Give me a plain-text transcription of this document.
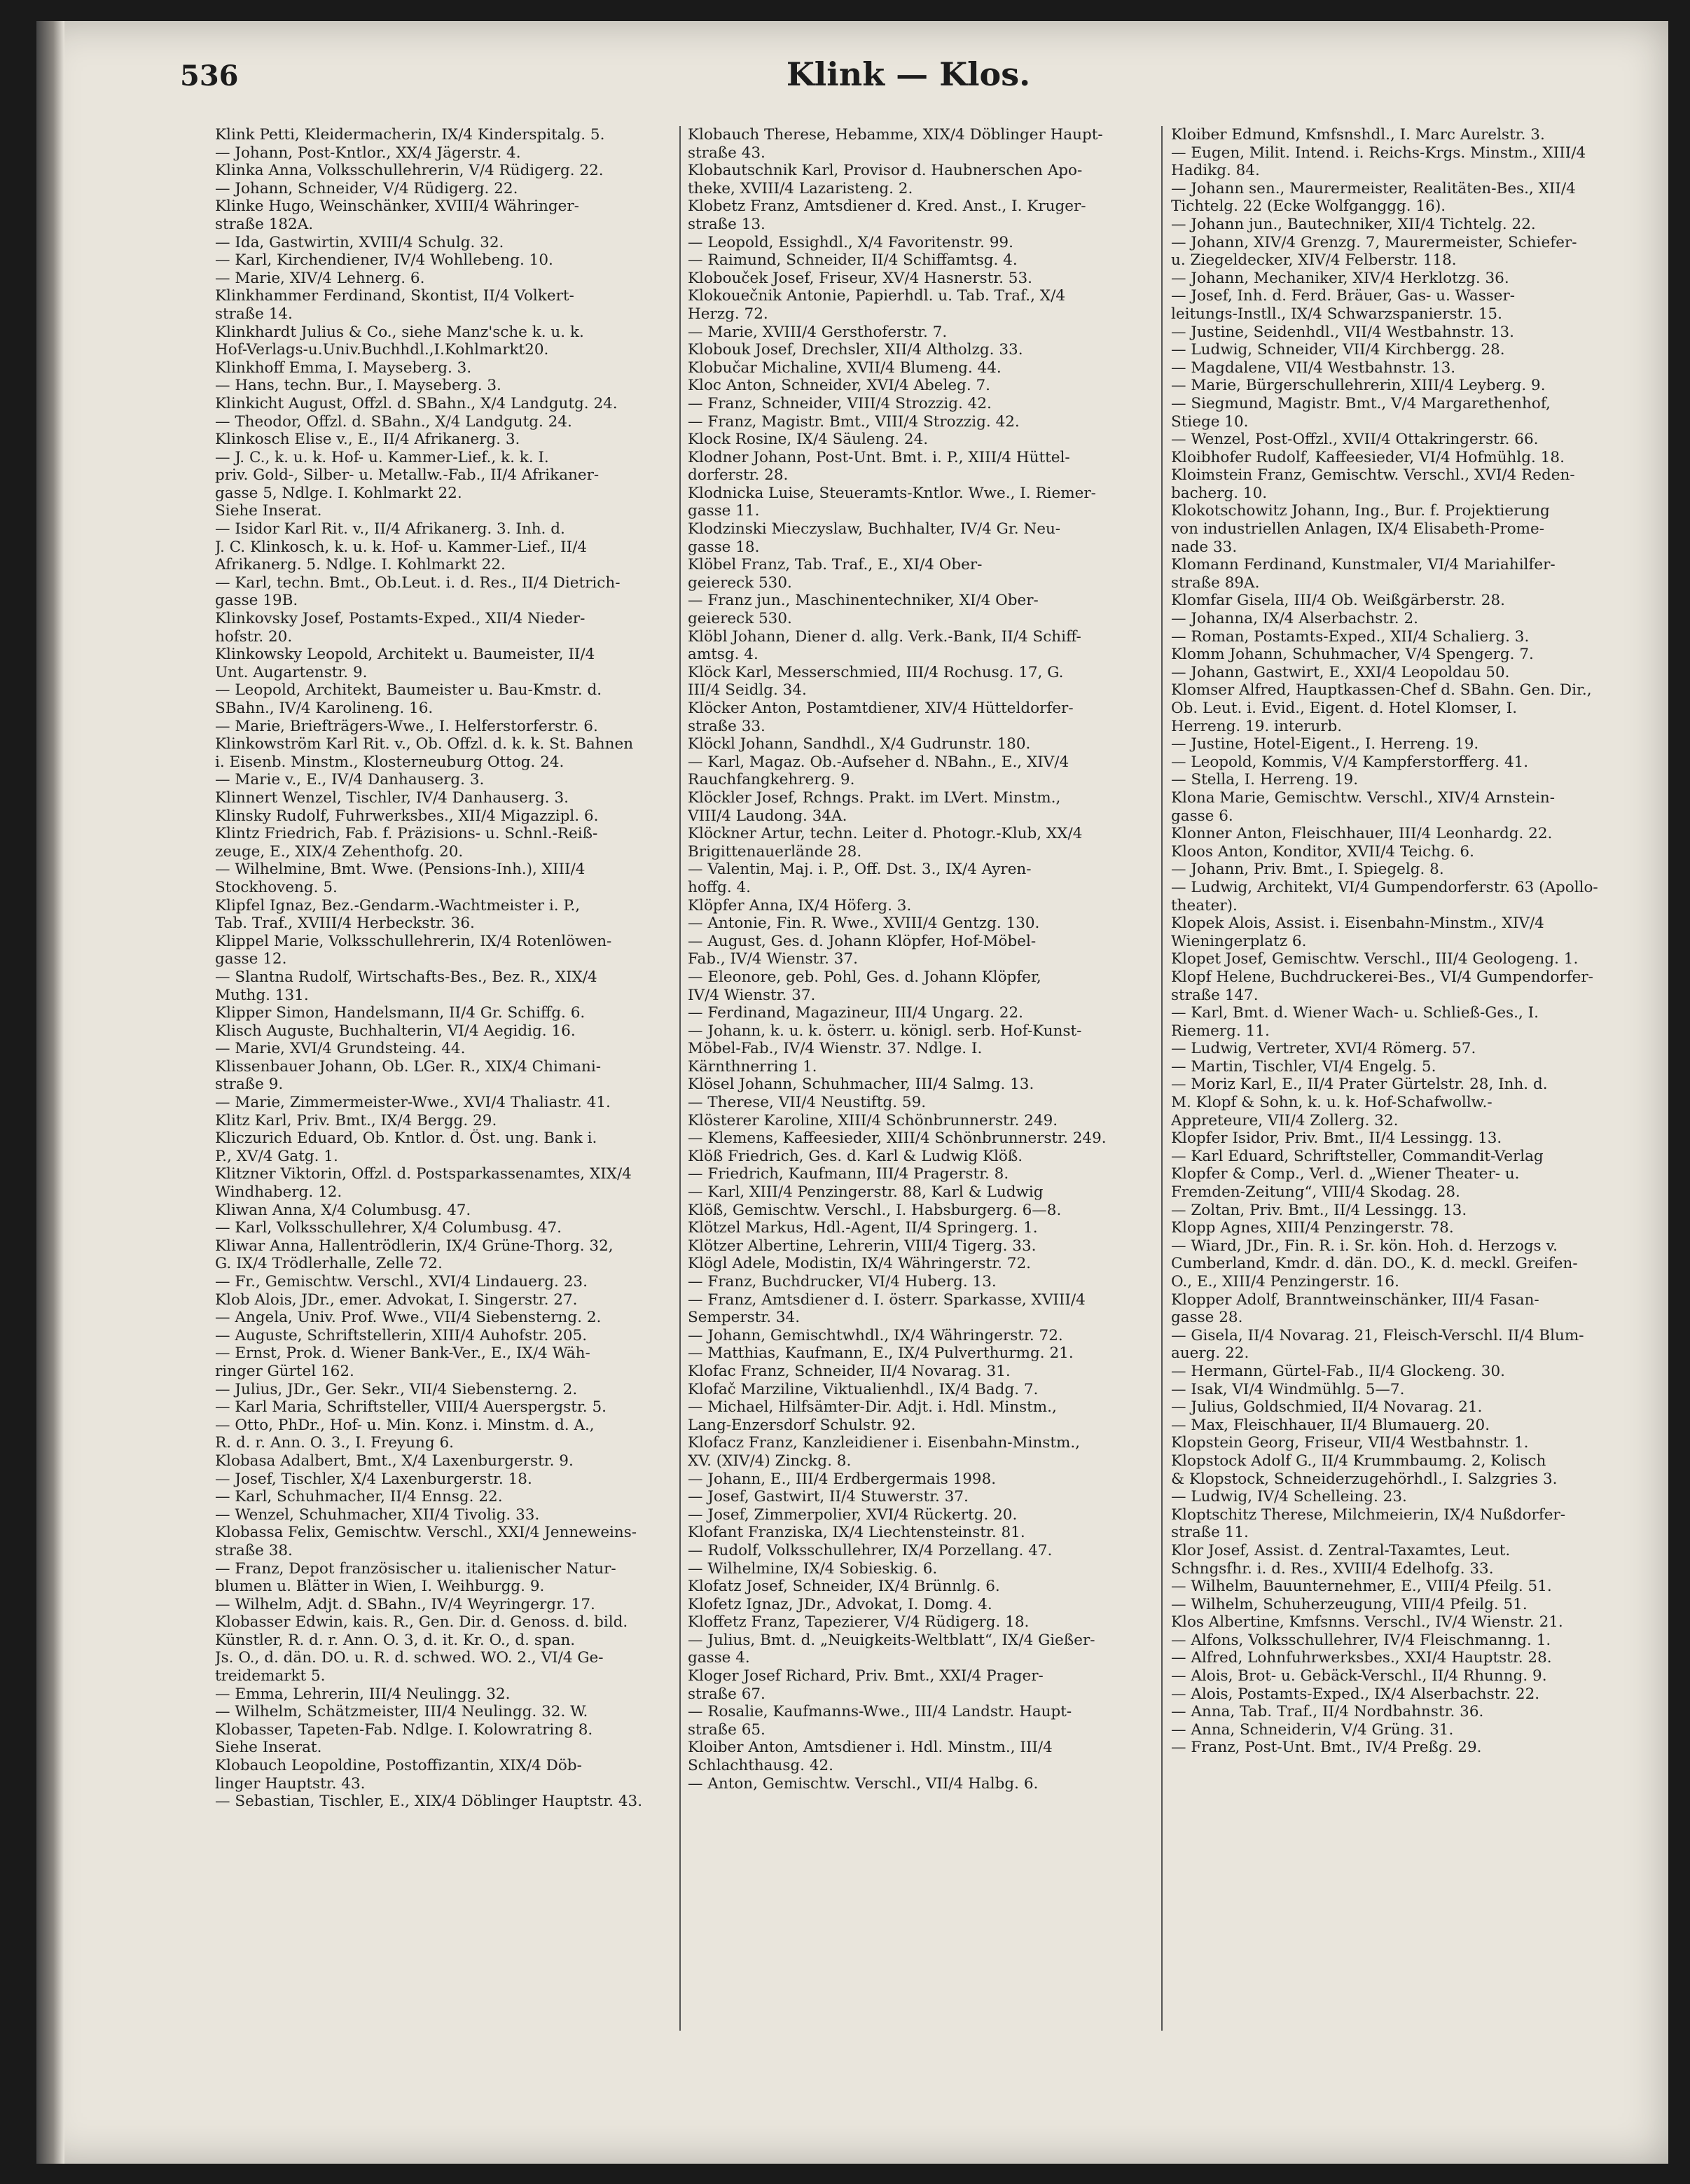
536	Klink — Klos.
Klink Petti, Kleidermacherin, IX/4 Kinderspitalg. 5.
— Johann, Post-Kntlor., XX/4 Jägerstr. 4.
Klinka Anna, Volksschullehrerin, V/4 Rüdigerg. 22.
— Johann, Schneider, V/4 Rüdigerg. 22.
Klinke Hugo, Weinschänker, XVIII/4 Währinger-
straße 182A.
— Ida, Gastwirtin, XVIII/4 Schulg. 32.
— Karl, Kirchendiener, IV/4 Wohllebeng. 10.
— Marie, XIV/4 Lehnerg. 6.
Klinkhammer Ferdinand, Skontist, II/4 Volkert-
straße 14.
Klinkhardt Julius & Co., siehe Manz'sche k. u. k.
Hof-Verlags-u.Univ.Buchhdl.,I.Kohlmarkt20.
Klinkhoff Emma, I. Mayseberg. 3.
— Hans, techn. Bur., I. Mayseberg. 3.
Klinkicht August, Offzl. d. SBahn., X/4 Landgutg. 24.
— Theodor, Offzl. d. SBahn., X/4 Landgutg. 24.
Klinkosch Elise v., E., II/4 Afrikanerg. 3.
— J. C., k. u. k. Hof- u. Kammer-Lief., k. k. I.
priv. Gold-, Silber- u. Metallw.-Fab., II/4 Afrikaner-
gasse 5, Ndlge. I. Kohlmarkt 22.
Siehe Inserat.
— Isidor Karl Rit. v., II/4 Afrikanerg. 3. Inh. d.
J. C. Klinkosch, k. u. k. Hof- u. Kammer-Lief., II/4
Afrikanerg. 5. Ndlge. I. Kohlmarkt 22.
— Karl, techn. Bmt., Ob.Leut. i. d. Res., II/4 Dietrich-
gasse 19B.
Klinkovsky Josef, Postamts-Exped., XII/4 Nieder-
hofstr. 20.
Klinkowsky Leopold, Architekt u. Baumeister, II/4
Unt. Augartenstr. 9.
— Leopold, Architekt, Baumeister u. Bau-Kmstr. d.
SBahn., IV/4 Karolineng. 16.
— Marie, Briefträgers-Wwe., I. Helferstorferstr. 6.
Klinkowström Karl Rit. v., Ob. Offzl. d. k. k. St. Bahnen
i. Eisenb. Minstm., Klosterneuburg Ottog. 24.
— Marie v., E., IV/4 Danhauserg. 3.
Klinnert Wenzel, Tischler, IV/4 Danhauserg. 3.
Klinsky Rudolf, Fuhrwerksbes., XII/4 Migazzipl. 6.
Klintz Friedrich, Fab. f. Präzisions- u. Schnl.-Reiß-
zeuge, E., XIX/4 Zehenthofg. 20.
— Wilhelmine, Bmt. Wwe. (Pensions-Inh.), XIII/4
Stockhoveng. 5.
Klipfel Ignaz, Bez.-Gendarm.-Wachtmeister i. P.,
Tab. Traf., XVIII/4 Herbeckstr. 36.
Klippel Marie, Volksschullehrerin, IX/4 Rotenlöwen-
gasse 12.
— Slantna Rudolf, Wirtschafts-Bes., Bez. R., XIX/4
Muthg. 131.
Klipper Simon, Handelsmann, II/4 Gr. Schiffg. 6.
Klisch Auguste, Buchhalterin, VI/4 Aegidig. 16.
— Marie, XVI/4 Grundsteing. 44.
Klissenbauer Johann, Ob. LGer. R., XIX/4 Chimani-
straße 9.
— Marie, Zimmermeister-Wwe., XVI/4 Thaliastr. 41.
Klitz Karl, Priv. Bmt., IX/4 Bergg. 29.
Kliczurich Eduard, Ob. Kntlor. d. Öst. ung. Bank i.
P., XV/4 Gatg. 1.
Klitzner Viktorin, Offzl. d. Postsparkassenamtes, XIX/4
Windhaberg. 12.
Kliwan Anna, X/4 Columbusg. 47.
— Karl, Volksschullehrer, X/4 Columbusg. 47.
Kliwar Anna, Hallentrödlerin, IX/4 Grüne-Thorg. 32,
G. IX/4 Trödlerhalle, Zelle 72.
— Fr., Gemischtw. Verschl., XVI/4 Lindauerg. 23.
Klob Alois, JDr., emer. Advokat, I. Singerstr. 27.
— Angela, Univ. Prof. Wwe., VII/4 Siebensterng. 2.
— Auguste, Schriftstellerin, XIII/4 Auhofstr. 205.
— Ernst, Prok. d. Wiener Bank-Ver., E., IX/4 Wäh-
ringer Gürtel 162.
— Julius, JDr., Ger. Sekr., VII/4 Siebensterng. 2.
— Karl Maria, Schriftsteller, VIII/4 Auerspergstr. 5.
— Otto, PhDr., Hof- u. Min. Konz. i. Minstm. d. A.,
R. d. r. Ann. O. 3., I. Freyung 6.
Klobasa Adalbert, Bmt., X/4 Laxenburgerstr. 9.
— Josef, Tischler, X/4 Laxenburgerstr. 18.
— Karl, Schuhmacher, II/4 Ennsg. 22.
— Wenzel, Schuhmacher, XII/4 Tivolig. 33.
Klobassa Felix, Gemischtw. Verschl., XXI/4 Jenneweins-
straße 38.
— Franz, Depot französischer u. italienischer Natur-
blumen u. Blätter in Wien, I. Weihburgg. 9.
— Wilhelm, Adjt. d. SBahn., IV/4 Weyringergr. 17.
Klobasser Edwin, kais. R., Gen. Dir. d. Genoss. d. bild.
Künstler, R. d. r. Ann. O. 3, d. it. Kr. O., d. span.
Js. O., d. dän. DO. u. R. d. schwed. WO. 2., VI/4 Ge-
treidemarkt 5.
— Emma, Lehrerin, III/4 Neulingg. 32.
— Wilhelm, Schätzmeister, III/4 Neulingg. 32. W.
Klobasser, Tapeten-Fab. Ndlge. I. Kolowratring 8.
Siehe Inserat.
Klobauch Leopoldine, Postoffizantin, XIX/4 Döb-
linger Hauptstr. 43.
— Sebastian, Tischler, E., XIX/4 Döblinger Hauptstr. 43.
Klobauch Therese, Hebamme, XIX/4 Döblinger Haupt-
straße 43.
Klobautschnik Karl, Provisor d. Haubnerschen Apo-
theke, XVIII/4 Lazaristeng. 2.
Klobetz Franz, Amtsdiener d. Kred. Anst., I. Kruger-
straße 13.
— Leopold, Essighdl., X/4 Favoritenstr. 99.
— Raimund, Schneider, II/4 Schiffamtsg. 4.
Klobouček Josef, Friseur, XV/4 Hasnerstr. 53.
Klokouečnik Antonie, Papierhdl. u. Tab. Traf., X/4
Herzg. 72.
— Marie, XVIII/4 Gersthoferstr. 7.
Klobouk Josef, Drechsler, XII/4 Altholzg. 33.
Klobučar Michaline, XVII/4 Blumeng. 44.
Kloc Anton, Schneider, XVI/4 Abeleg. 7.
— Franz, Schneider, VIII/4 Strozzig. 42.
— Franz, Magistr. Bmt., VIII/4 Strozzig. 42.
Klock Rosine, IX/4 Säuleng. 24.
Klodner Johann, Post-Unt. Bmt. i. P., XIII/4 Hüttel-
dorferstr. 28.
Klodnicka Luise, Steueramts-Kntlor. Wwe., I. Riemer-
gasse 11.
Klodzinski Mieczyslaw, Buchhalter, IV/4 Gr. Neu-
gasse 18.
Klöbel Franz, Tab. Traf., E., XI/4 Ober-
geiereck 530.
— Franz jun., Maschinentechniker, XI/4 Ober-
geiereck 530.
Klöbl Johann, Diener d. allg. Verk.-Bank, II/4 Schiff-
amtsg. 4.
Klöck Karl, Messerschmied, III/4 Rochusg. 17, G.
III/4 Seidlg. 34.
Klöcker Anton, Postamtdiener, XIV/4 Hütteldorfer-
straße 33.
Klöckl Johann, Sandhdl., X/4 Gudrunstr. 180.
— Karl, Magaz. Ob.-Aufseher d. NBahn., E., XIV/4
Rauchfangkehrerg. 9.
Klöckler Josef, Rchngs. Prakt. im LVert. Minstm.,
VIII/4 Laudong. 34A.
Klöckner Artur, techn. Leiter d. Photogr.-Klub, XX/4
Brigittenauerlände 28.
— Valentin, Maj. i. P., Off. Dst. 3., IX/4 Ayren-
hoffg. 4.
Klöpfer Anna, IX/4 Höferg. 3.
— Antonie, Fin. R. Wwe., XVIII/4 Gentzg. 130.
— August, Ges. d. Johann Klöpfer, Hof-Möbel-
Fab., IV/4 Wienstr. 37.
— Eleonore, geb. Pohl, Ges. d. Johann Klöpfer,
IV/4 Wienstr. 37.
— Ferdinand, Magazineur, III/4 Ungarg. 22.
— Johann, k. u. k. österr. u. königl. serb. Hof-Kunst-
Möbel-Fab., IV/4 Wienstr. 37. Ndlge. I.
Kärnthnerring 1.
Klösel Johann, Schuhmacher, III/4 Salmg. 13.
— Therese, VII/4 Neustiftg. 59.
Klösterer Karoline, XIII/4 Schönbrunnerstr. 249.
— Klemens, Kaffeesieder, XIII/4 Schönbrunnerstr. 249.
Klöß Friedrich, Ges. d. Karl & Ludwig Klöß.
— Friedrich, Kaufmann, III/4 Pragerstr. 8.
— Karl, XIII/4 Penzingerstr. 88, Karl & Ludwig
Klöß, Gemischtw. Verschl., I. Habsburgerg. 6—8.
Klötzel Markus, Hdl.-Agent, II/4 Springerg. 1.
Klötzer Albertine, Lehrerin, VIII/4 Tigerg. 33.
Klögl Adele, Modistin, IX/4 Währingerstr. 72.
— Franz, Buchdrucker, VI/4 Huberg. 13.
— Franz, Amtsdiener d. I. österr. Sparkasse, XVIII/4
Semperstr. 34.
— Johann, Gemischtwhdl., IX/4 Währingerstr. 72.
— Matthias, Kaufmann, E., IX/4 Pulverthurmg. 21.
Klofac Franz, Schneider, II/4 Novarag. 31.
Klofač Marziline, Viktualienhdl., IX/4 Badg. 7.
— Michael, Hilfsämter-Dir. Adjt. i. Hdl. Minstm.,
Lang-Enzersdorf Schulstr. 92.
Klofacz Franz, Kanzleidiener i. Eisenbahn-Minstm.,
XV. (XIV/4) Zinckg. 8.
— Johann, E., III/4 Erdbergermais 1998.
— Josef, Gastwirt, II/4 Stuwerstr. 37.
— Josef, Zimmerpolier, XVI/4 Rückertg. 20.
Klofant Franziska, IX/4 Liechtensteinstr. 81.
— Rudolf, Volksschullehrer, IX/4 Porzellang. 47.
— Wilhelmine, IX/4 Sobieskig. 6.
Klofatz Josef, Schneider, IX/4 Brünnlg. 6.
Klofetz Ignaz, JDr., Advokat, I. Domg. 4.
Kloffetz Franz, Tapezierer, V/4 Rüdigerg. 18.
— Julius, Bmt. d. „Neuigkeits-Weltblatt“, IX/4 Gießer-
gasse 4.
Kloger Josef Richard, Priv. Bmt., XXI/4 Prager-
straße 67.
— Rosalie, Kaufmanns-Wwe., III/4 Landstr. Haupt-
straße 65.
Kloiber Anton, Amtsdiener i. Hdl. Minstm., III/4
Schlachthausg. 42.
— Anton, Gemischtw. Verschl., VII/4 Halbg. 6.
Kloiber Edmund, Kmfsnshdl., I. Marc Aurelstr. 3.
— Eugen, Milit. Intend. i. Reichs-Krgs. Minstm., XIII/4
Hadikg. 84.
— Johann sen., Maurermeister, Realitäten-Bes., XII/4
Tichtelg. 22 (Ecke Wolfganggg. 16).
— Johann jun., Bautechniker, XII/4 Tichtelg. 22.
— Johann, XIV/4 Grenzg. 7, Maurermeister, Schiefer-
u. Ziegeldecker, XIV/4 Felberstr. 118.
— Johann, Mechaniker, XIV/4 Herklotzg. 36.
— Josef, Inh. d. Ferd. Bräuer, Gas- u. Wasser-
leitungs-Instll., IX/4 Schwarzspanierstr. 15.
— Justine, Seidenhdl., VII/4 Westbahnstr. 13.
— Ludwig, Schneider, VII/4 Kirchbergg. 28.
— Magdalene, VII/4 Westbahnstr. 13.
— Marie, Bürgerschullehrerin, XIII/4 Leyberg. 9.
— Siegmund, Magistr. Bmt., V/4 Margarethenhof,
Stiege 10.
— Wenzel, Post-Offzl., XVII/4 Ottakringerstr. 66.
Kloibhofer Rudolf, Kaffeesieder, VI/4 Hofmühlg. 18.
Kloimstein Franz, Gemischtw. Verschl., XVI/4 Reden-
bacherg. 10.
Klokotschowitz Johann, Ing., Bur. f. Projektierung
von industriellen Anlagen, IX/4 Elisabeth-Prome-
nade 33.
Klomann Ferdinand, Kunstmaler, VI/4 Mariahilfer-
straße 89A.
Klomfar Gisela, III/4 Ob. Weißgärberstr. 28.
— Johanna, IX/4 Alserbachstr. 2.
— Roman, Postamts-Exped., XII/4 Schalierg. 3.
Klomm Johann, Schuhmacher, V/4 Spengerg. 7.
— Johann, Gastwirt, E., XXI/4 Leopoldau 50.
Klomser Alfred, Hauptkassen-Chef d. SBahn. Gen. Dir.,
Ob. Leut. i. Evid., Eigent. d. Hotel Klomser, I.
Herreng. 19. interurb.
— Justine, Hotel-Eigent., I. Herreng. 19.
— Leopold, Kommis, V/4 Kampferstorfferg. 41.
— Stella, I. Herreng. 19.
Klona Marie, Gemischtw. Verschl., XIV/4 Arnstein-
gasse 6.
Klonner Anton, Fleischhauer, III/4 Leonhardg. 22.
Kloos Anton, Konditor, XVII/4 Teichg. 6.
— Johann, Priv. Bmt., I. Spiegelg. 8.
— Ludwig, Architekt, VI/4 Gumpendorferstr. 63 (Apollo-
theater).
Klopek Alois, Assist. i. Eisenbahn-Minstm., XIV/4
Wieningerplatz 6.
Klopet Josef, Gemischtw. Verschl., III/4 Geologeng. 1.
Klopf Helene, Buchdruckerei-Bes., VI/4 Gumpendorfer-
straße 147.
— Karl, Bmt. d. Wiener Wach- u. Schließ-Ges., I.
Riemerg. 11.
— Ludwig, Vertreter, XVI/4 Römerg. 57.
— Martin, Tischler, VI/4 Engelg. 5.
— Moriz Karl, E., II/4 Prater Gürtelstr. 28, Inh. d.
M. Klopf & Sohn, k. u. k. Hof-Schafwollw.-
Appreteure, VII/4 Zollerg. 32.
Klopfer Isidor, Priv. Bmt., II/4 Lessingg. 13.
— Karl Eduard, Schriftsteller, Commandit-Verlag
Klopfer & Comp., Verl. d. „Wiener Theater- u.
Fremden-Zeitung“, VIII/4 Skodag. 28.
— Zoltan, Priv. Bmt., II/4 Lessingg. 13.
Klopp Agnes, XIII/4 Penzingerstr. 78.
— Wiard, JDr., Fin. R. i. Sr. kön. Hoh. d. Herzogs v.
Cumberland, Kmdr. d. dän. DO., K. d. meckl. Greifen-
O., E., XIII/4 Penzingerstr. 16.
Klopper Adolf, Branntweinschänker, III/4 Fasan-
gasse 28.
— Gisela, II/4 Novarag. 21, Fleisch-Verschl. II/4 Blum-
auerg. 22.
— Hermann, Gürtel-Fab., II/4 Glockeng. 30.
— Isak, VI/4 Windmühlg. 5—7.
— Julius, Goldschmied, II/4 Novarag. 21.
— Max, Fleischhauer, II/4 Blumauerg. 20.
Klopstein Georg, Friseur, VII/4 Westbahnstr. 1.
Klopstock Adolf G., II/4 Krummbaumg. 2, Kolisch
& Klopstock, Schneiderzugehörhdl., I. Salzgries 3.
— Ludwig, IV/4 Schelleing. 23.
Kloptschitz Therese, Milchmeierin, IX/4 Nußdorfer-
straße 11.
Klor Josef, Assist. d. Zentral-Taxamtes, Leut.
Schngsfhr. i. d. Res., XVIII/4 Edelhofg. 33.
— Wilhelm, Bauunternehmer, E., VIII/4 Pfeilg. 51.
— Wilhelm, Schuherzeugung, VIII/4 Pfeilg. 51.
Klos Albertine, Kmfsnns. Verschl., IV/4 Wienstr. 21.
— Alfons, Volksschullehrer, IV/4 Fleischmanng. 1.
— Alfred, Lohnfuhrwerksbes., XXI/4 Hauptstr. 28.
— Alois, Brot- u. Gebäck-Verschl., II/4 Rhunng. 9.
— Alois, Postamts-Exped., IX/4 Alserbachstr. 22.
— Anna, Tab. Traf., II/4 Nordbahnstr. 36.
— Anna, Schneiderin, V/4 Grüng. 31.
— Franz, Post-Unt. Bmt., IV/4 Preßg. 29.
